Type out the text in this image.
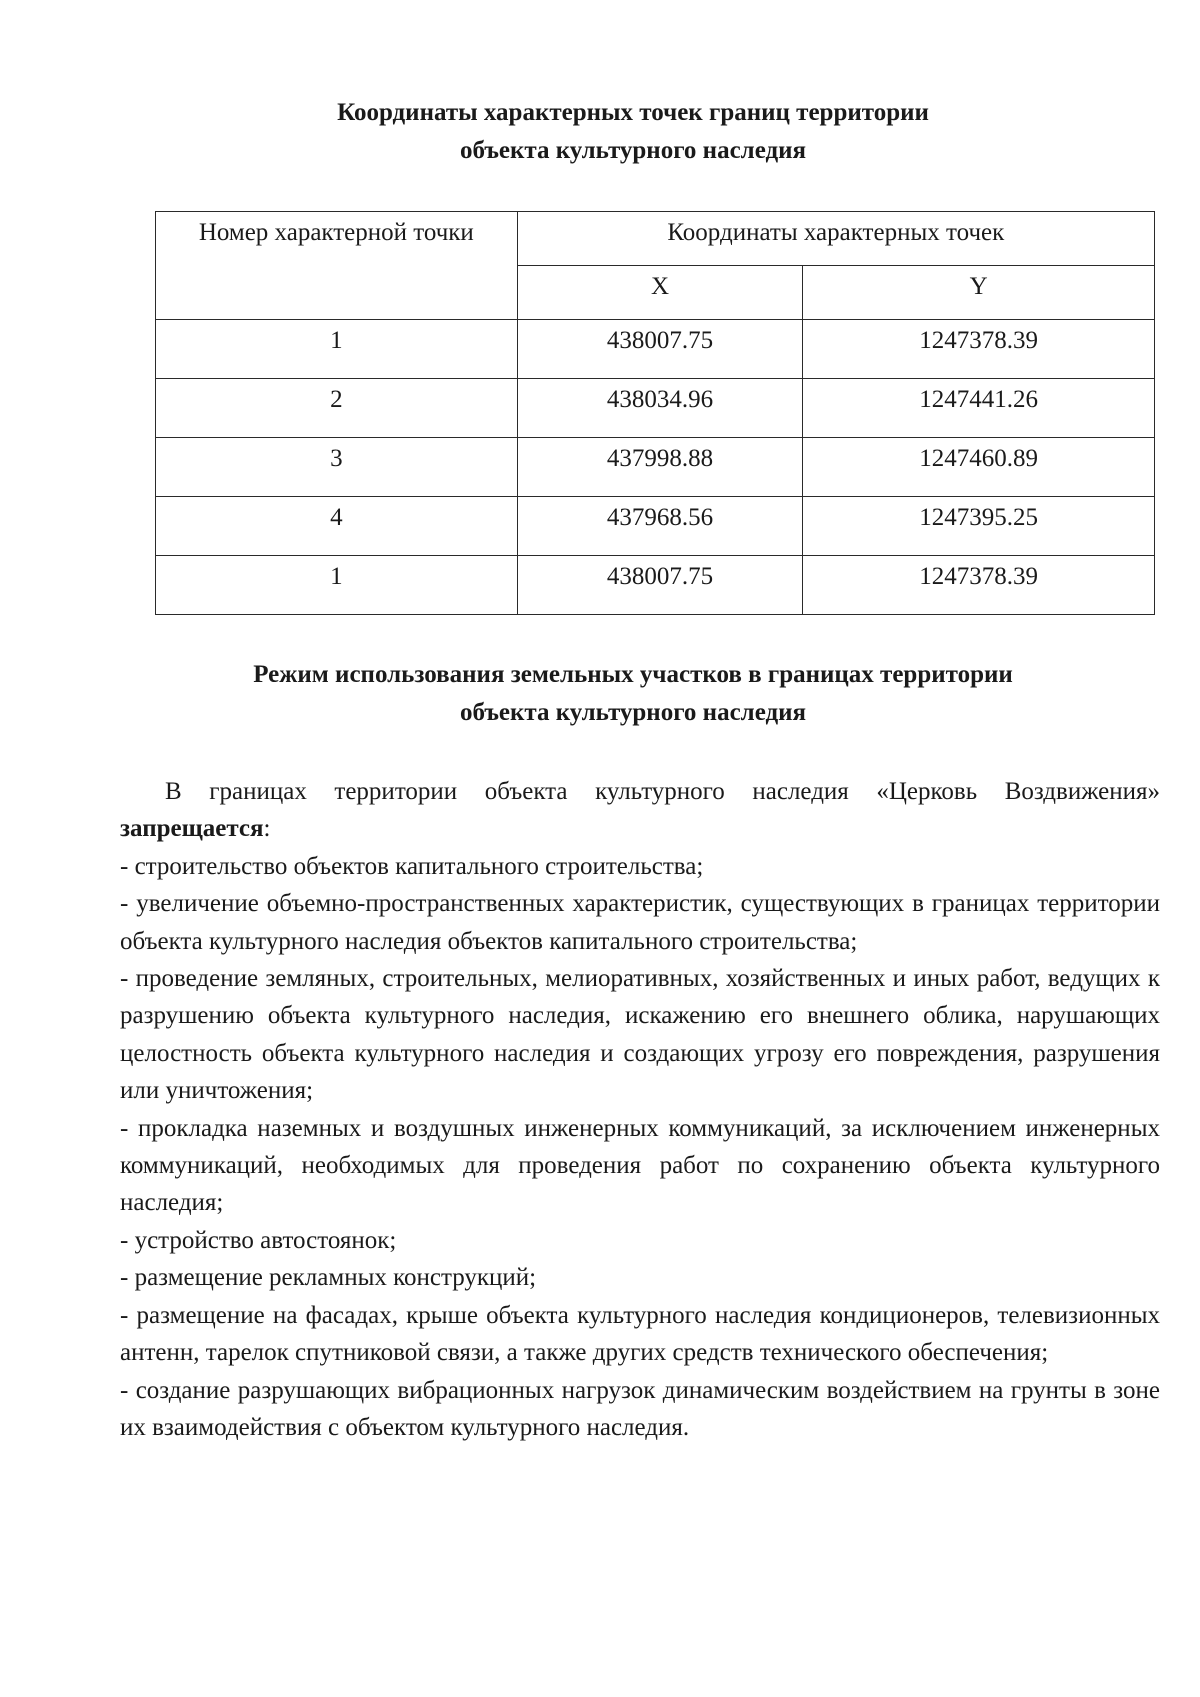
Координаты характерных точек границ территории
объекта культурного наследия
Номер характерной точки	Координаты характерных точек	
	X	Y
1	438007.75	1247378.39
2	438034.96	1247441.26
3	437998.88	1247460.89
4	437968.56	1247395.25
1	438007.75	1247378.39
Режим использования земельных участков в границах территории
объекта культурного наследия

В границах территории объекта культурного наследия «Церковь Воздвижения» запрещается:

- строительство объектов капитального строительства;

- увеличение объемно-пространственных характеристик, существующих в границах территории объекта культурного наследия объектов капитального строительства;

- проведение земляных, строительных, мелиоративных, хозяйственных и иных работ, ведущих к разрушению объекта культурного наследия, искажению его внешнего облика, нарушающих целостность объекта культурного наследия и создающих угрозу его повреждения, разрушения или уничтожения;

- прокладка наземных и воздушных инженерных коммуникаций, за исключением инженерных коммуникаций, необходимых для проведения работ по сохранению объекта культурного наследия;

- устройство автостоянок;

- размещение рекламных конструкций;

- размещение на фасадах, крыше объекта культурного наследия кондиционеров, телевизионных антенн, тарелок спутниковой связи, а также других средств технического обеспечения;

- создание разрушающих вибрационных нагрузок динамическим воздействием на грунты в зоне их взаимодействия с объектом культурного наследия.
